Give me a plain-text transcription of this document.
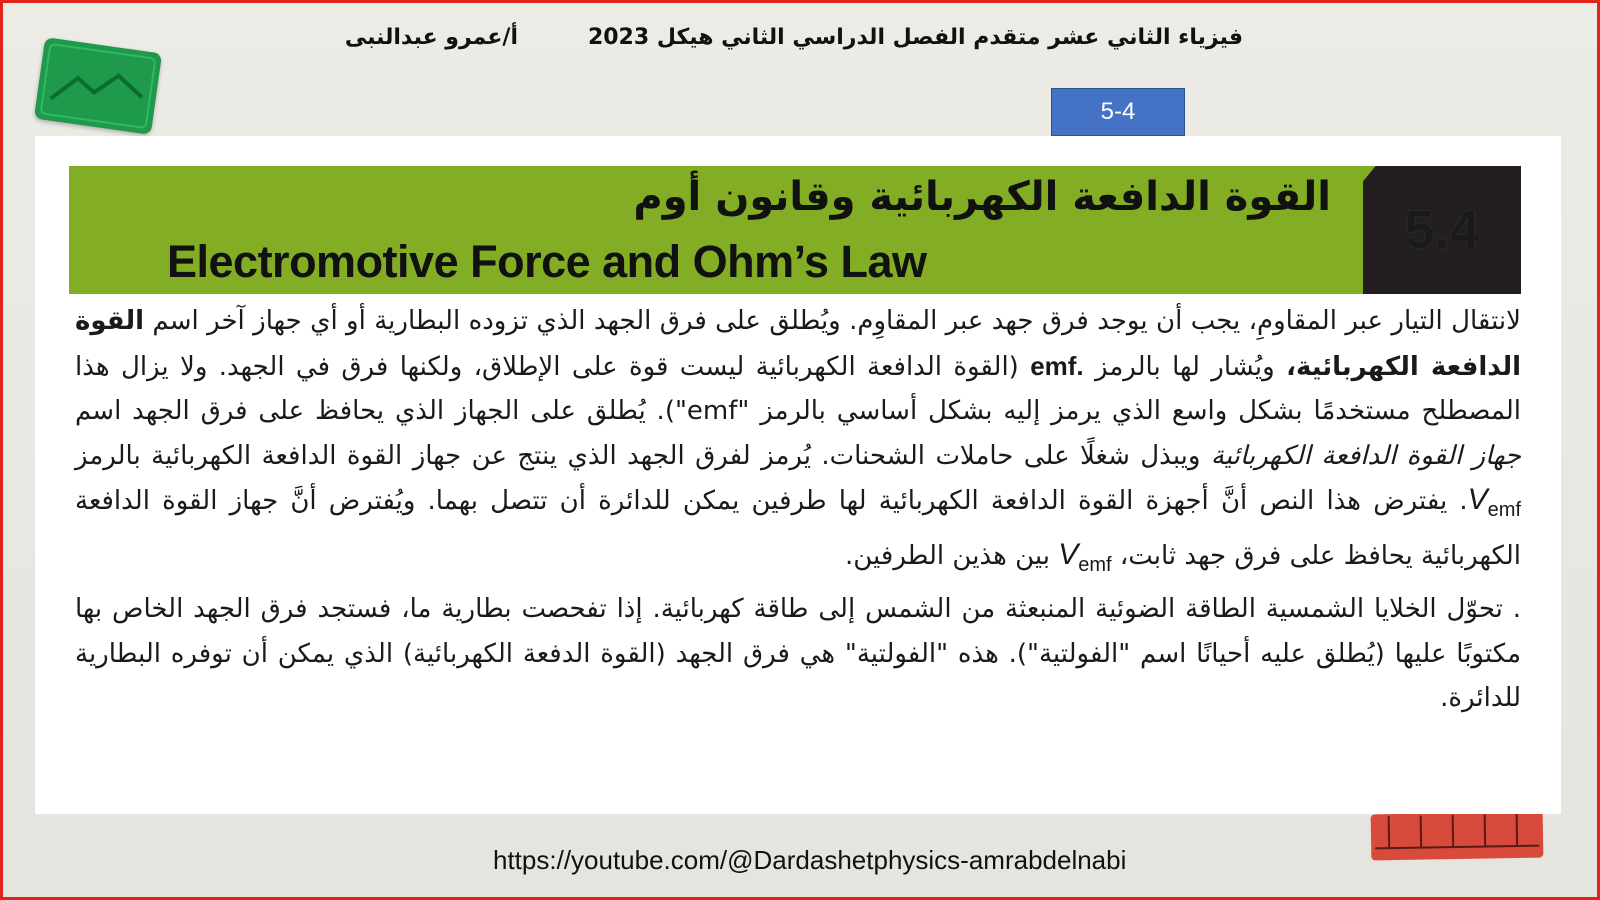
فيزياء الثاني عشر متقدم الفصل الدراسي الثاني هيكل 2023
أ/عمرو عبدالنبى
5-4
5.4
القوة الدافعة الكهربائية وقانون أوم
Electromotive Force and Ohm’s Law

لانتقال التيار عبر المقاومِ، يجب أن يوجد فرق جهد عبر المقاوِم. ويُطلق على فرق الجهد الذي تزوده البطارية أو أي جهاز آخر اسم القوة الدافعة الكهربائية، ويُشار لها بالرمز emf. (القوة الدافعة الكهربائية ليست قوة على الإطلاق، ولكنها فرق في الجهد. ولا يزال هذا المصطلح مستخدمًا بشكل واسع الذي يرمز إليه بشكل أساسي بالرمز "emf"). يُطلق على الجهاز الذي يحافظ على فرق الجهد اسم جهاز القوة الدافعة الكهربائية ويبذل شغلًا على حاملات الشحنات. يُرمز لفرق الجهد الذي ينتج عن جهاز القوة الدافعة الكهربائية بالرمز $V_{emf}$. يفترض هذا النص أنَّ أجهزة القوة الدافعة الكهربائية لها طرفين يمكن للدائرة أن تتصل بهما. ويُفترض أنَّ جهاز القوة الدافعة الكهربائية يحافظ على فرق جهد ثابت، $V_{emf}$ بين هذين الطرفين.

. تحوّل الخلايا الشمسية الطاقة الضوئية المنبعثة من الشمس إلى طاقة كهربائية. إذا تفحصت بطارية ما، فستجد فرق الجهد الخاص بها مكتوبًا عليها (يُطلق عليه أحيانًا اسم "الفولتية"). هذه "الفولتية" هي فرق الجهد (القوة الدفعة الكهربائية) الذي يمكن أن توفره البطارية للدائرة.

https://youtube.com/@Dardashetphysics-amrabdelnabi
